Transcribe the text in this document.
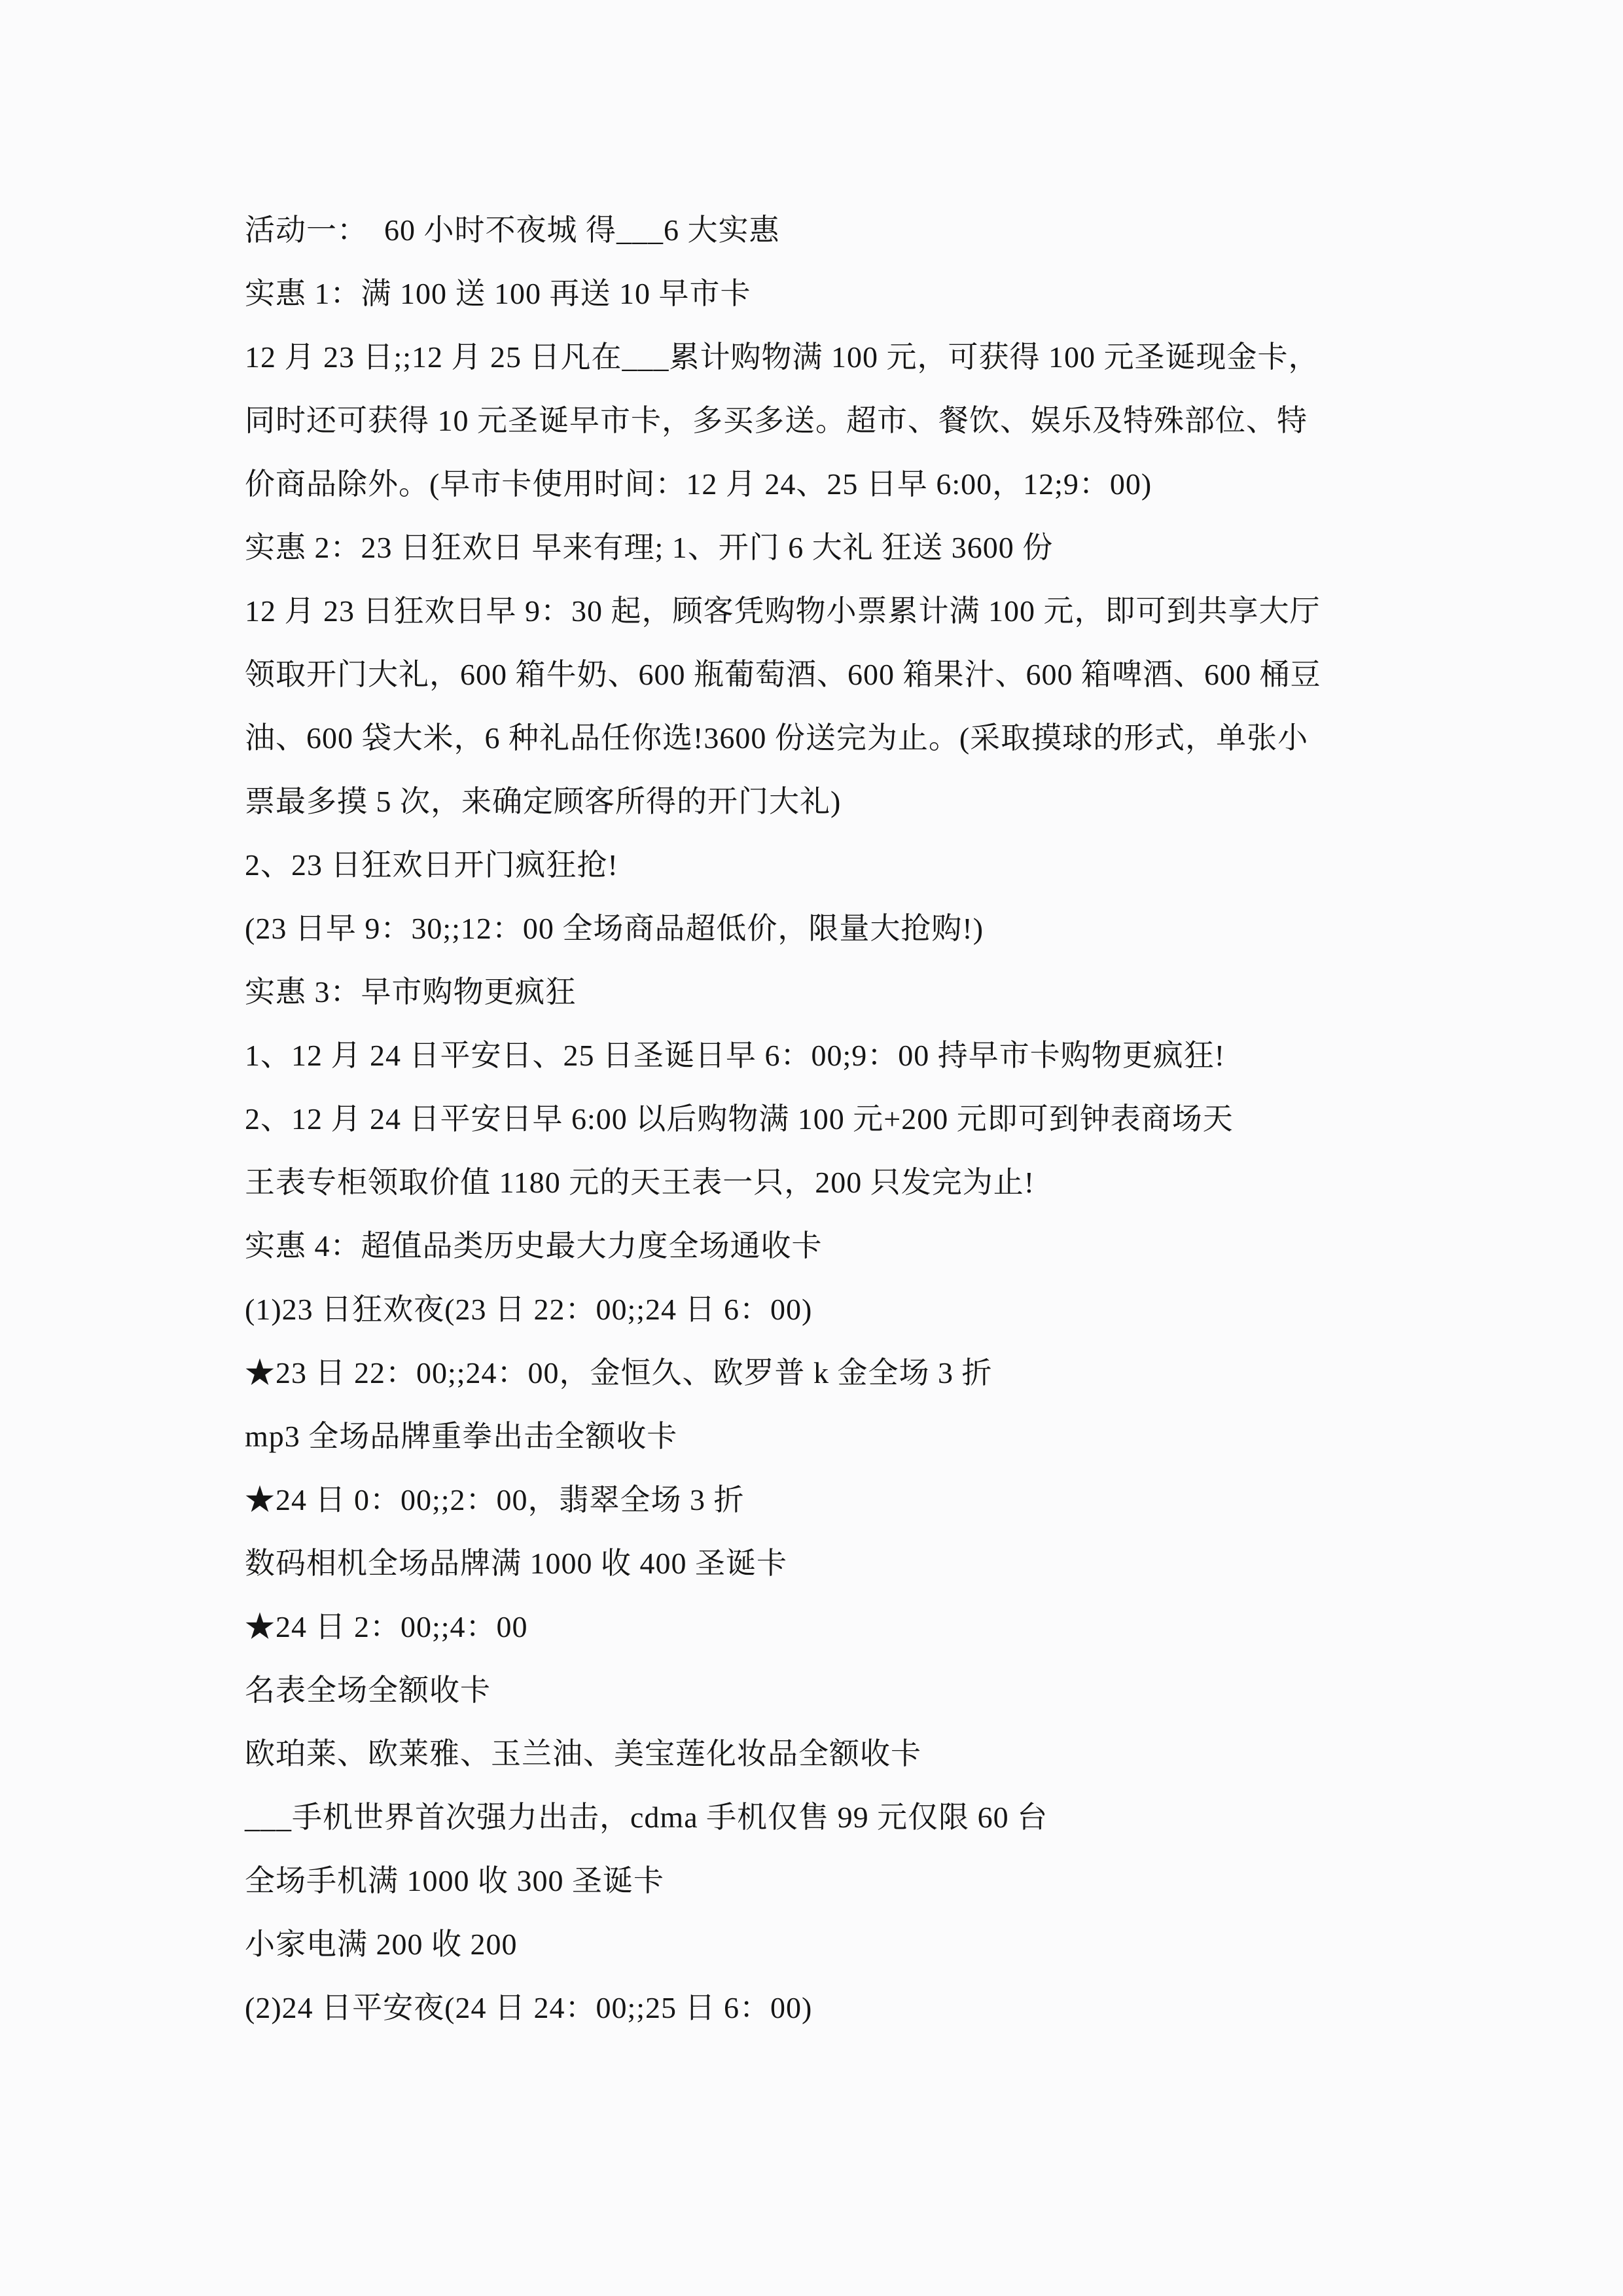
活动一：  60 小时不夜城 得___6 大实惠
实惠 1：满 100 送 100 再送 10 早市卡
12 月 23 日;;12 月 25 日凡在___累计购物满 100 元，可获得 100 元圣诞现金卡，
同时还可获得 10 元圣诞早市卡，多买多送。超市、餐饮、娱乐及特殊部位、特
价商品除外。(早市卡使用时间：12 月 24、25 日早 6:00，12;9：00)
实惠 2：23 日狂欢日 早来有理; 1、开门 6 大礼 狂送 3600 份
12 月 23 日狂欢日早 9：30 起，顾客凭购物小票累计满 100 元，即可到共享大厅
领取开门大礼，600 箱牛奶、600 瓶葡萄酒、600 箱果汁、600 箱啤酒、600 桶豆
油、600 袋大米，6 种礼品任你选!3600 份送完为止。(采取摸球的形式，单张小
票最多摸 5 次，来确定顾客所得的开门大礼)
2、23 日狂欢日开门疯狂抢!
(23 日早 9：30;;12：00 全场商品超低价，限量大抢购!)
实惠 3：早市购物更疯狂
1、12 月 24 日平安日、25 日圣诞日早 6：00;9：00 持早市卡购物更疯狂!
2、12 月 24 日平安日早 6:00 以后购物满 100 元+200 元即可到钟表商场天
王表专柜领取价值 1180 元的天王表一只，200 只发完为止!
实惠 4：超值品类历史最大力度全场通收卡
(1)23 日狂欢夜(23 日 22：00;;24 日 6：00)
★23 日 22：00;;24：00，金恒久、欧罗普 k 金全场 3 折
mp3 全场品牌重拳出击全额收卡
★24 日 0：00;;2：00，翡翠全场 3 折
数码相机全场品牌满 1000 收 400 圣诞卡
★24 日 2：00;;4：00
名表全场全额收卡
欧珀莱、欧莱雅、玉兰油、美宝莲化妆品全额收卡
___手机世界首次强力出击，cdma 手机仅售 99 元仅限 60 台
全场手机满 1000 收 300 圣诞卡
小家电满 200 收 200
(2)24 日平安夜(24 日 24：00;;25 日 6：00)
